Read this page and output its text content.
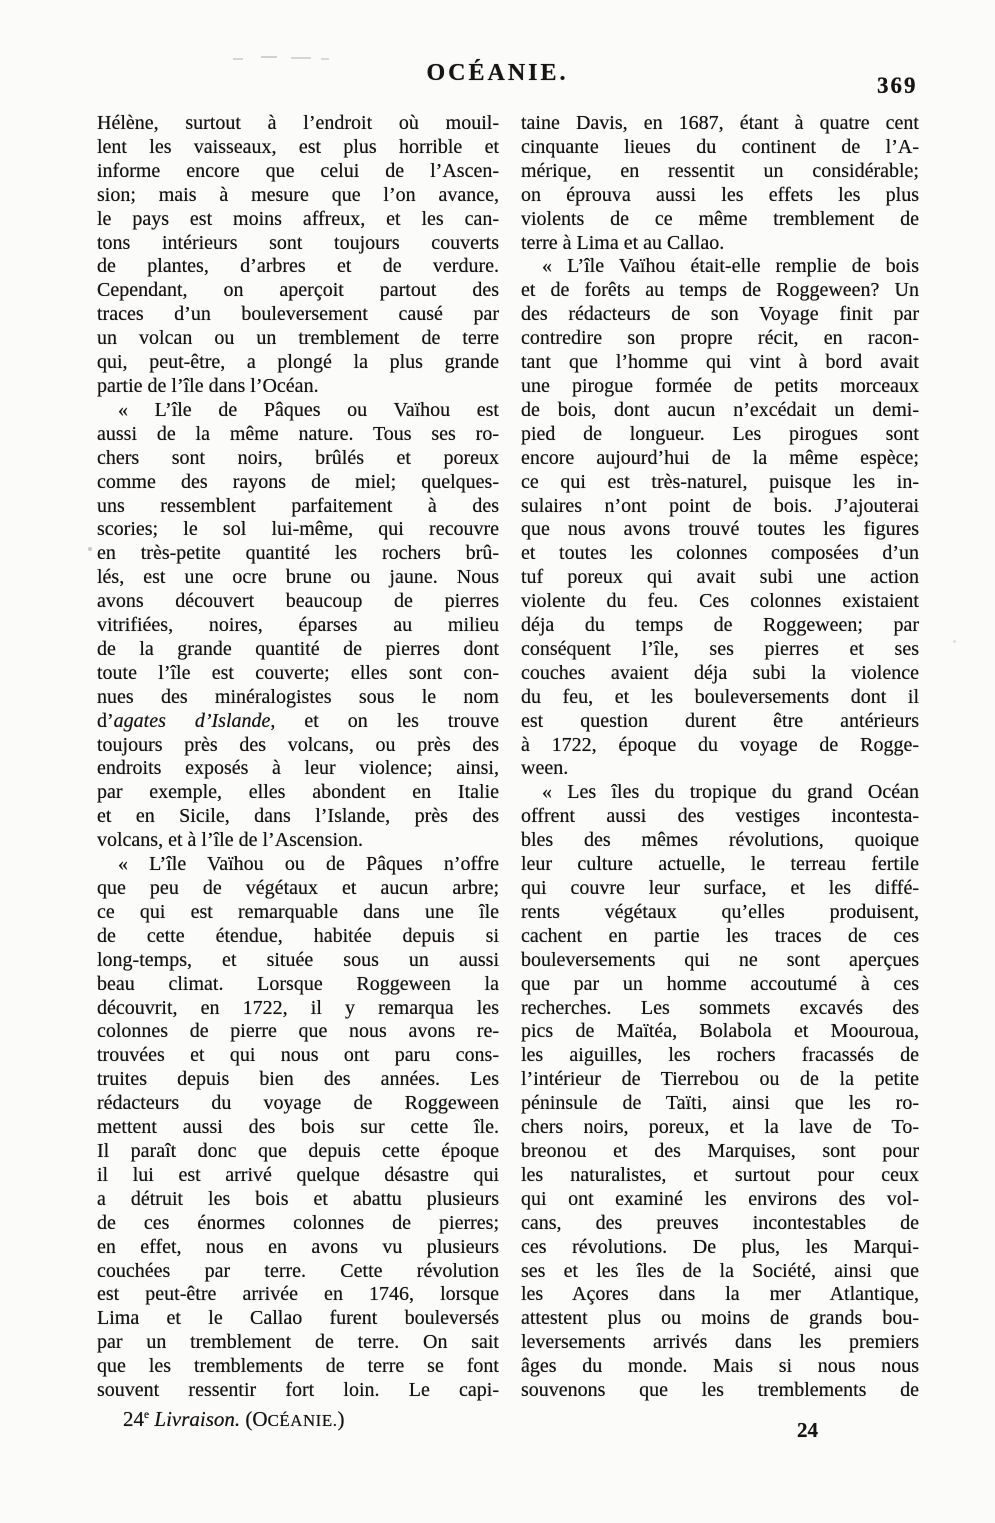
OCÉANIE.	369
Hélène, surtout à l’endroit où mouil-
lent les vaisseaux, est plus horrible et
informe encore que celui de l’Ascen-
sion; mais à mesure que l’on avance,
le pays est moins affreux, et les can-
tons intérieurs sont toujours couverts
de plantes, d’arbres et de verdure.
Cependant, on aperçoit partout des
traces d’un bouleversement causé par
un volcan ou un tremblement de terre
qui, peut-être, a plongé la plus grande
partie de l’île dans l’Océan.
« L’île de Pâques ou Vaïhou est
aussi de la même nature. Tous ses ro-
chers sont noirs, brûlés et poreux
comme des rayons de miel; quelques-
uns ressemblent parfaitement à des
scories; le sol lui-même, qui recouvre
en très-petite quantité les rochers brû-
lés, est une ocre brune ou jaune. Nous
avons découvert beaucoup de pierres
vitrifiées, noires, éparses au milieu
de la grande quantité de pierres dont
toute l’île est couverte; elles sont con-
nues des minéralogistes sous le nom
d’agates d’Islande, et on les trouve
toujours près des volcans, ou près des
endroits exposés à leur violence; ainsi,
par exemple, elles abondent en Italie
et en Sicile, dans l’Islande, près des
volcans, et à l’île de l’Ascension.
« L’île Vaïhou ou de Pâques n’offre
que peu de végétaux et aucun arbre;
ce qui est remarquable dans une île
de cette étendue, habitée depuis si
long-temps, et située sous un aussi
beau climat. Lorsque Roggeween la
découvrit, en 1722, il y remarqua les
colonnes de pierre que nous avons re-
trouvées et qui nous ont paru cons-
truites depuis bien des années. Les
rédacteurs du voyage de Roggeween
mettent aussi des bois sur cette île.
Il paraît donc que depuis cette époque
il lui est arrivé quelque désastre qui
a détruit les bois et abattu plusieurs
de ces énormes colonnes de pierres;
en effet, nous en avons vu plusieurs
couchées par terre. Cette révolution
est peut-être arrivée en 1746, lorsque
Lima et le Callao furent bouleversés
par un tremblement de terre. On sait
que les tremblements de terre se font
souvent ressentir fort loin. Le capi-
taine Davis, en 1687, étant à quatre cent
cinquante lieues du continent de l’A-
mérique, en ressentit un considérable;
on éprouva aussi les effets les plus
violents de ce même tremblement de
terre à Lima et au Callao.
« L’île Vaïhou était-elle remplie de bois
et de forêts au temps de Roggeween? Un
des rédacteurs de son Voyage finit par
contredire son propre récit, en racon-
tant que l’homme qui vint à bord avait
une pirogue formée de petits morceaux
de bois, dont aucun n’excédait un demi-
pied de longueur. Les pirogues sont
encore aujourd’hui de la même espèce;
ce qui est très-naturel, puisque les in-
sulaires n’ont point de bois. J’ajouterai
que nous avons trouvé toutes les figures
et toutes les colonnes composées d’un
tuf poreux qui avait subi une action
violente du feu. Ces colonnes existaient
déja du temps de Roggeween; par
conséquent l’île, ses pierres et ses
couches avaient déja subi la violence
du feu, et les bouleversements dont il
est question durent être antérieurs
à 1722, époque du voyage de Rogge-
ween.
« Les îles du tropique du grand Océan
offrent aussi des vestiges incontesta-
bles des mêmes révolutions, quoique
leur culture actuelle, le terreau fertile
qui couvre leur surface, et les diffé-
rents végétaux qu’elles produisent,
cachent en partie les traces de ces
bouleversements qui ne sont aperçues
que par un homme accoutumé à ces
recherches. Les sommets excavés des
pics de Maïtéa, Bolabola et Moouroua,
les aiguilles, les rochers fracassés de
l’intérieur de Tierrebou ou de la petite
péninsule de Taïti, ainsi que les ro-
chers noirs, poreux, et la lave de To-
breonou et des Marquises, sont pour
les naturalistes, et surtout pour ceux
qui ont examiné les environs des vol-
cans, des preuves incontestables de
ces révolutions. De plus, les Marqui-
ses et les îles de la Société, ainsi que
les Açores dans la mer Atlantique,
attestent plus ou moins de grands bou-
leversements arrivés dans les premiers
âges du monde. Mais si nous nous
souvenons que les tremblements de
24e Livraison. (OCÉANIE.)	24
